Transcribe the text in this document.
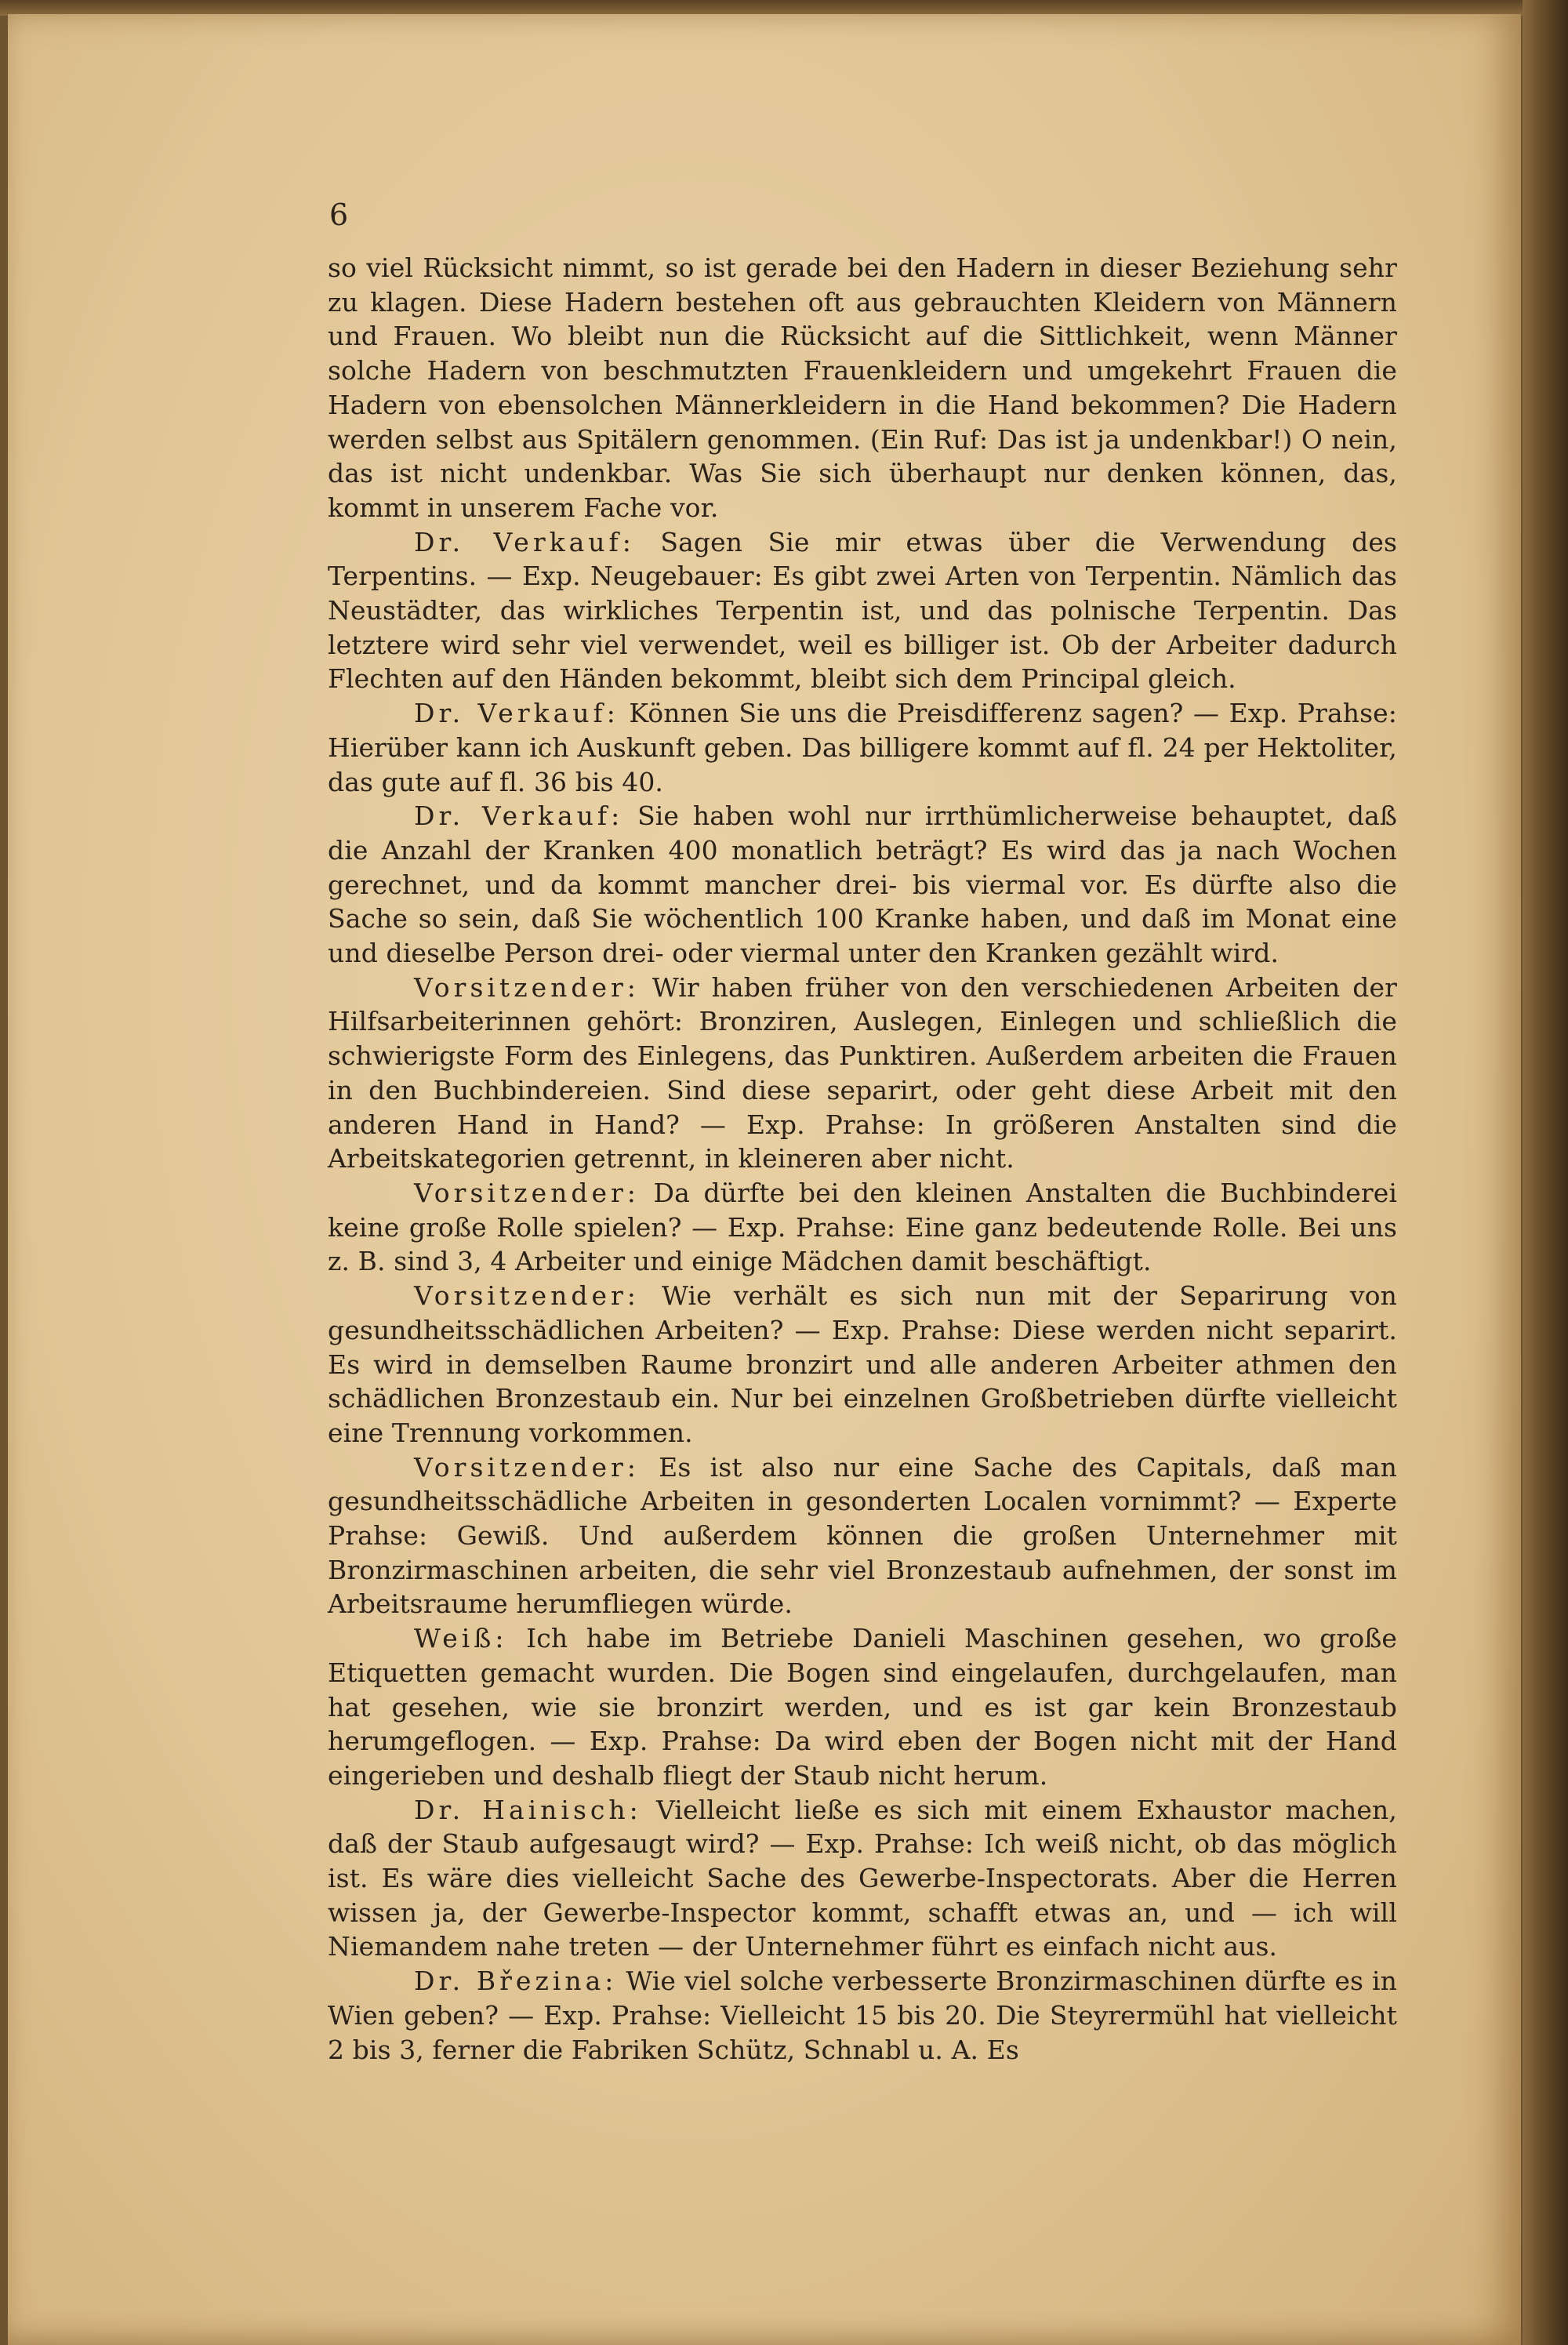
6

so viel Rücksicht nimmt, so ist gerade bei den Hadern in dieser Beziehung sehr zu klagen. Diese Hadern bestehen oft aus gebrauchten Kleidern von Männern und Frauen. Wo bleibt nun die Rücksicht auf die Sittlichkeit, wenn Männer solche Hadern von beschmutzten Frauenkleidern und umgekehrt Frauen die Hadern von ebensolchen Männerkleidern in die Hand bekommen? Die Hadern werden selbst aus Spitälern genommen. (Ein Ruf: Das ist ja undenkbar!) O nein, das ist nicht undenkbar. Was Sie sich überhaupt nur denken können, das, kommt in unserem Fache vor.

Dr. Verkauf: Sagen Sie mir etwas über die Verwendung des Terpentins. — Exp. Neugebauer: Es gibt zwei Arten von Terpentin. Nämlich das Neustädter, das wirkliches Terpentin ist, und das polnische Terpentin. Das letztere wird sehr viel verwendet, weil es billiger ist. Ob der Arbeiter dadurch Flechten auf den Händen bekommt, bleibt sich dem Principal gleich.

Dr. Verkauf: Können Sie uns die Preisdifferenz sagen? — Exp. Prahse: Hierüber kann ich Auskunft geben. Das billigere kommt auf fl. 24 per Hektoliter, das gute auf fl. 36 bis 40.

Dr. Verkauf: Sie haben wohl nur irrthümlicherweise behauptet, daß die Anzahl der Kranken 400 monatlich beträgt? Es wird das ja nach Wochen gerechnet, und da kommt mancher drei- bis viermal vor. Es dürfte also die Sache so sein, daß Sie wöchentlich 100 Kranke haben, und daß im Monat eine und dieselbe Person drei- oder viermal unter den Kranken gezählt wird.

Vorsitzender: Wir haben früher von den verschiedenen Arbeiten der Hilfsarbeiterinnen gehört: Bronziren, Auslegen, Einlegen und schließlich die schwierigste Form des Einlegens, das Punktiren. Außerdem arbeiten die Frauen in den Buchbindereien. Sind diese separirt, oder geht diese Arbeit mit den anderen Hand in Hand? — Exp. Prahse: In größeren Anstalten sind die Arbeitskategorien getrennt, in kleineren aber nicht.

Vorsitzender: Da dürfte bei den kleinen Anstalten die Buchbinderei keine große Rolle spielen? — Exp. Prahse: Eine ganz bedeutende Rolle. Bei uns z. B. sind 3, 4 Arbeiter und einige Mädchen damit beschäftigt.

Vorsitzender: Wie verhält es sich nun mit der Separirung von gesundheitsschädlichen Arbeiten? — Exp. Prahse: Diese werden nicht separirt. Es wird in demselben Raume bronzirt und alle anderen Arbeiter athmen den schädlichen Bronzestaub ein. Nur bei einzelnen Großbetrieben dürfte vielleicht eine Trennung vorkommen.

Vorsitzender: Es ist also nur eine Sache des Capitals, daß man gesundheitsschädliche Arbeiten in gesonderten Localen vornimmt? — Experte Prahse: Gewiß. Und außerdem können die großen Unternehmer mit Bronzirmaschinen arbeiten, die sehr viel Bronzestaub aufnehmen, der sonst im Arbeitsraume herumfliegen würde.

Weiß: Ich habe im Betriebe Danieli Maschinen gesehen, wo große Etiquetten gemacht wurden. Die Bogen sind eingelaufen, durchgelaufen, man hat gesehen, wie sie bronzirt werden, und es ist gar kein Bronzestaub herumgeflogen. — Exp. Prahse: Da wird eben der Bogen nicht mit der Hand eingerieben und deshalb fliegt der Staub nicht herum.

Dr. Hainisch: Vielleicht ließe es sich mit einem Exhaustor machen, daß der Staub aufgesaugt wird? — Exp. Prahse: Ich weiß nicht, ob das möglich ist. Es wäre dies vielleicht Sache des Gewerbe-Inspectorats. Aber die Herren wissen ja, der Gewerbe-Inspector kommt, schafft etwas an, und — ich will Niemandem nahe treten — der Unternehmer führt es einfach nicht aus.

Dr. Březina: Wie viel solche verbesserte Bronzirmaschinen dürfte es in Wien geben? — Exp. Prahse: Vielleicht 15 bis 20. Die Steyrermühl hat vielleicht 2 bis 3, ferner die Fabriken Schütz, Schnabl u. A. Es
